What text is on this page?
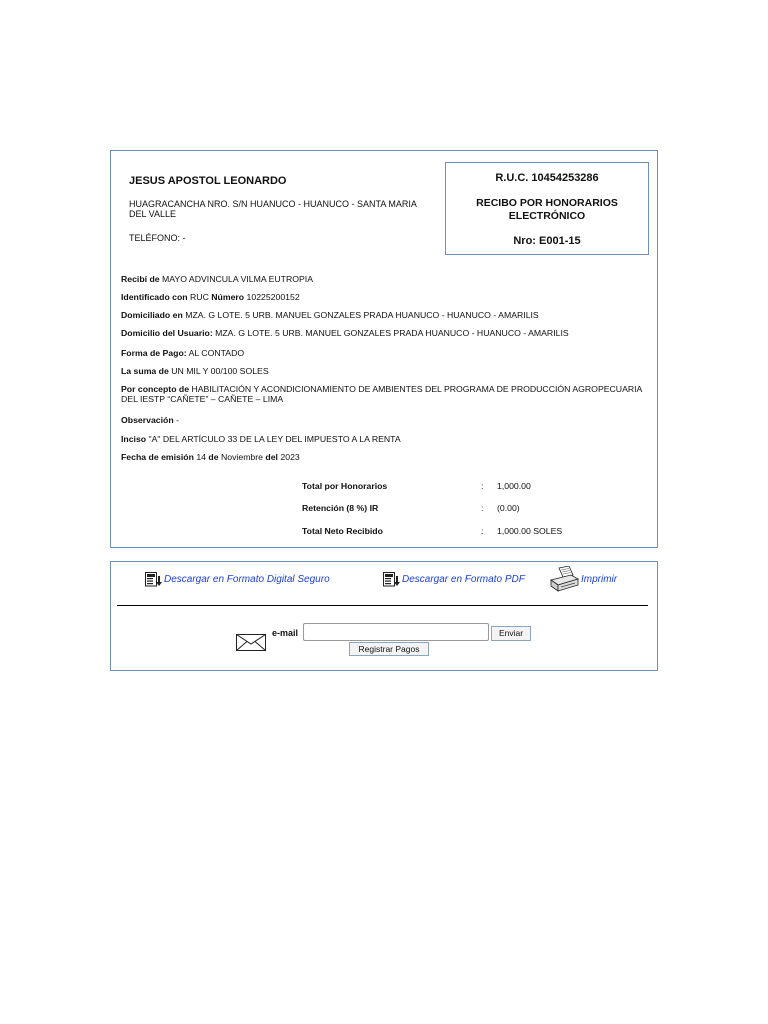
JESUS APOSTOL LEONARDO
HUAGRACANCHA NRO. S/N HUANUCO - HUANUCO - SANTA MARIA DEL VALLE
TELÉFONO: -
R.U.C. 10454253286
RECIBO POR HONORARIOS ELECTRÓNICO
Nro: E001-15
Recibí de MAYO ADVINCULA VILMA EUTROPIA
Identificado con RUC Número 10225200152
Domiciliado en MZA. G LOTE. 5 URB. MANUEL GONZALES PRADA HUANUCO - HUANUCO - AMARILIS
Domicilio del Usuario: MZA. G LOTE. 5 URB. MANUEL GONZALES PRADA HUANUCO - HUANUCO - AMARILIS
Forma de Pago: AL CONTADO
La suma de UN MIL Y 00/100 SOLES
Por concepto de HABILITACIÓN Y ACONDICIONAMIENTO DE AMBIENTES DEL PROGRAMA DE PRODUCCIÓN AGROPECUARIA DEL IESTP “CAÑETE” – CAÑETE – LIMA
Observación -
Inciso "A" DEL ARTÍCULO 33 DE LA LEY DEL IMPUESTO A LA RENTA
Fecha de emisión 14 de Noviembre del 2023
Total por Honorarios	: 1,000.00
Retención (8 %) IR	: (0.00)
Total Neto Recibido	: 1,000.00 SOLES
Descargar en Formato Digital Seguro	Descargar en Formato PDF	Imprimir
e-mail	Enviar
Registrar Pagos
